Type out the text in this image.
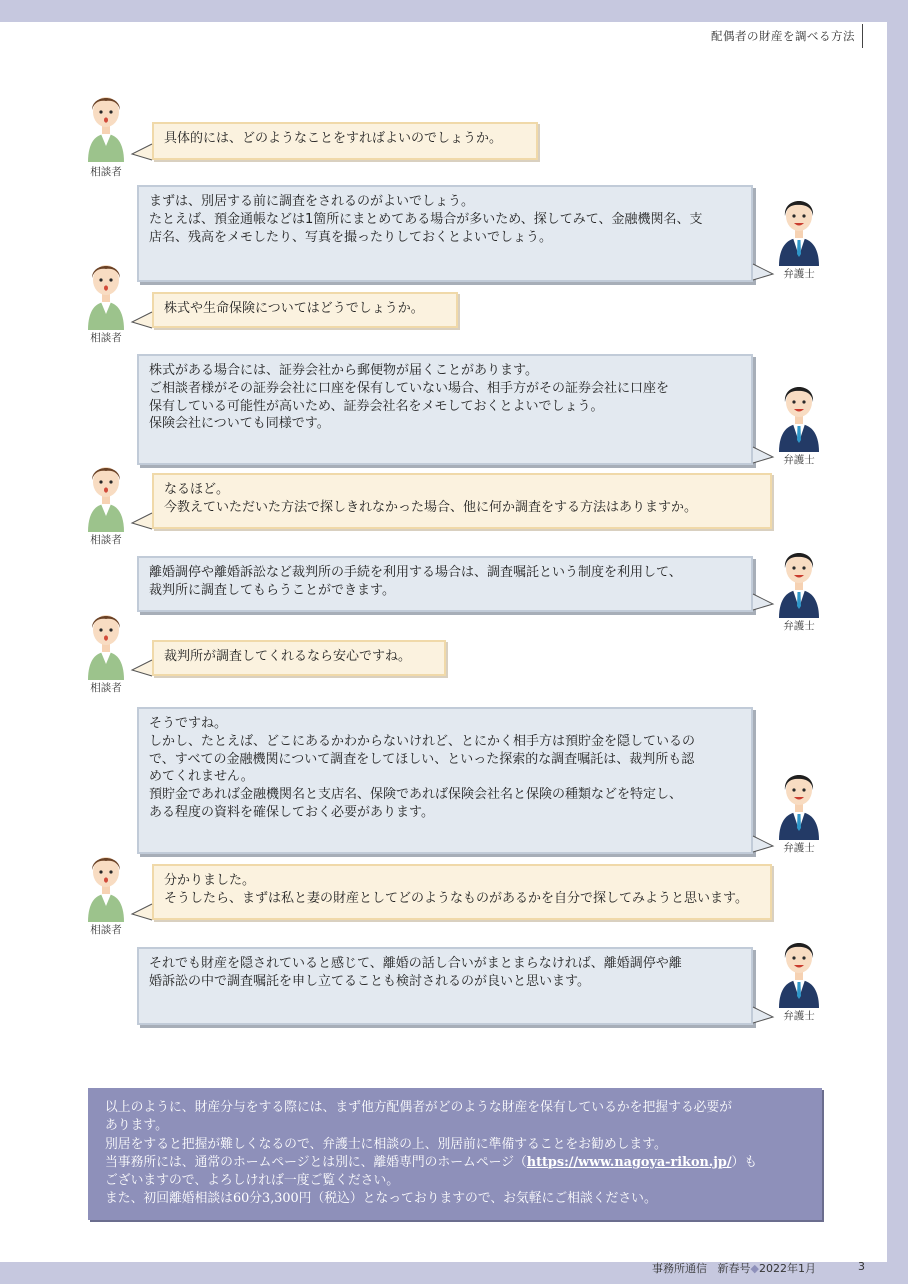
配偶者の財産を調べる方法
相談者

具体的には、どのようなことをすればよいのでしょうか。

弁護士

まずは、別居する前に調査をされるのがよいでしょう。

たとえば、預金通帳などは1箇所にまとめてある場合が多いため、探してみて、金融機関名、支

店名、残高をメモしたり、写真を撮ったりしておくとよいでしょう。

相談者

株式や生命保険についてはどうでしょうか。

弁護士

株式がある場合には、証券会社から郵便物が届くことがあります。

ご相談者様がその証券会社に口座を保有していない場合、相手方がその証券会社に口座を

保有している可能性が高いため、証券会社名をメモしておくとよいでしょう。

保険会社についても同様です。

相談者

なるほど。

今教えていただいた方法で探しきれなかった場合、他に何か調査をする方法はありますか。

弁護士

離婚調停や離婚訴訟など裁判所の手続を利用する場合は、調査嘱託という制度を利用して、

裁判所に調査してもらうことができます。

相談者

裁判所が調査してくれるなら安心ですね。

弁護士

そうですね。

しかし、たとえば、どこにあるかわからないけれど、とにかく相手方は預貯金を隠しているの

で、すべての金融機関について調査をしてほしい、といった探索的な調査嘱託は、裁判所も認

めてくれません。

預貯金であれば金融機関名と支店名、保険であれば保険会社名と保険の種類などを特定し、

ある程度の資料を確保しておく必要があります。

相談者

分かりました。

そうしたら、まずは私と妻の財産としてどのようなものがあるかを自分で探してみようと思います。

弁護士

それでも財産を隠されていると感じて、離婚の話し合いがまとまらなければ、離婚調停や離

婚訴訟の中で調査嘱託を申し立てることも検討されるのが良いと思います。

以上のように、財産分与をする際には、まず他方配偶者がどのような財産を保有しているかを把握する必要が

あります。

別居をすると把握が難しくなるので、弁護士に相談の上、別居前に準備することをお勧めします。

当事務所には、通常のホームページとは別に、離婚専門のホームページ（https://www.nagoya-rikon.jp/）も

ございますので、よろしければ一度ご覧ください。

また、初回離婚相談は60分3,300円（税込）となっておりますので、お気軽にご相談ください。

事務所通信 新春号◆2022年1月	3
